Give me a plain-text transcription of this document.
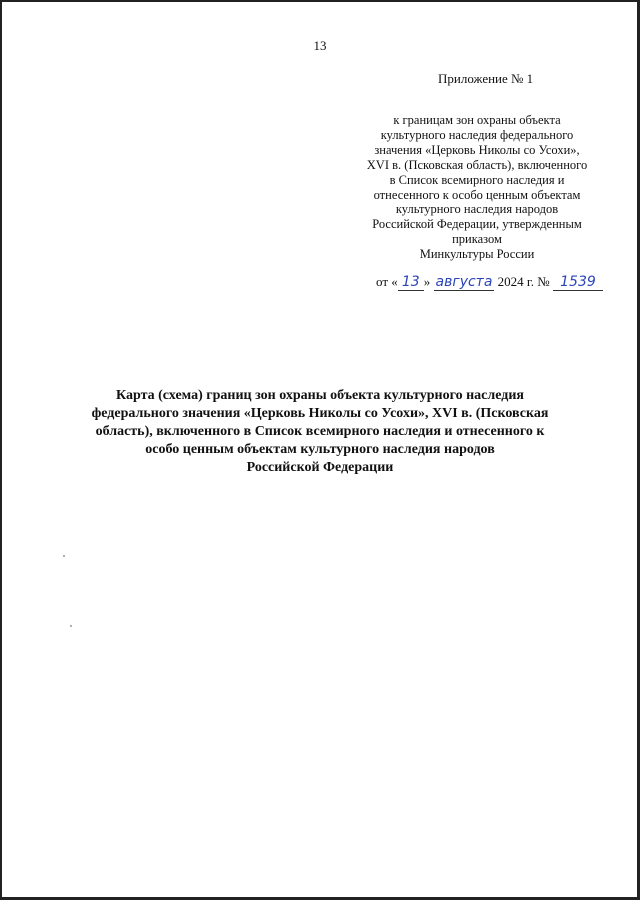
13
Приложение № 1
к границам зон охраны объекта
культурного наследия федерального
значения «Церковь Николы со Усохи»,
XVI в. (Псковская область), включенного
в Список всемирного наследия и
отнесенного к особо ценным объектам
культурного наследия народов
Российской Федерации, утвержденным
приказом
Минкультуры России
от « 13 » августа 2024 г. № 1539
Карта (схема) границ зон охраны объекта культурного наследия
федерального значения «Церковь Николы со Усохи», XVI в. (Псковская
область), включенного в Список всемирного наследия и отнесенного к
особо ценным объектам культурного наследия народов
Российской Федерации
